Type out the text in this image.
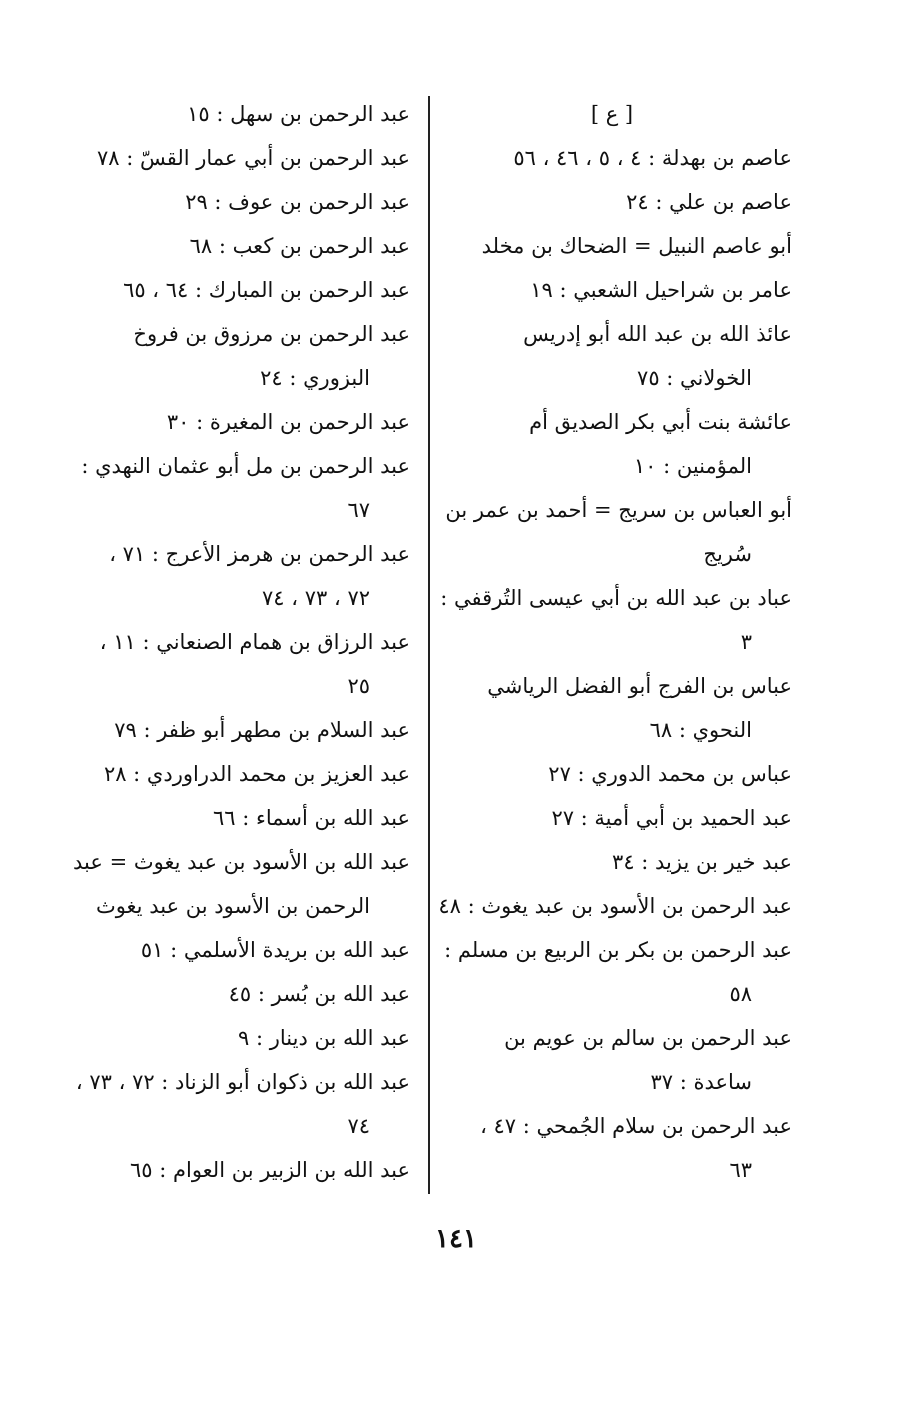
[ ع ]

عاصم بن بهدلة : ٤ ، ٥ ، ٤٦ ، ٥٦

عاصم بن علي : ٢٤

أبو عاصم النبيل = الضحاك بن مخلد

عامر بن شراحيل الشعبي : ١٩

عائذ الله بن عبد الله أبو إدريس

الخولاني : ٧٥

عائشة بنت أبي بكر الصديق أم

المؤمنين : ١٠

أبو العباس بن سريج = أحمد بن عمر بن

سُريج

عباد بن عبد الله بن أبي عيسى التُرقفي :

٣

عباس بن الفرج أبو الفضل الرياشي

النحوي : ٦٨

عباس بن محمد الدوري : ٢٧

عبد الحميد بن أبي أمية : ٢٧

عبد خير بن يزيد : ٣٤

عبد الرحمن بن الأسود بن عبد يغوث : ٤٨

عبد الرحمن بن بكر بن الربيع بن مسلم :

٥٨

عبد الرحمن بن سالم بن عويم بن

ساعدة : ٣٧

عبد الرحمن بن سلام الجُمحي : ٤٧ ،

٦٣

عبد الرحمن بن سهل : ١٥

عبد الرحمن بن أبي عمار القسّ : ٧٨

عبد الرحمن بن عوف : ٢٩

عبد الرحمن بن كعب : ٦٨

عبد الرحمن بن المبارك : ٦٤ ، ٦٥

عبد الرحمن بن مرزوق بن فروخ

البزوري : ٢٤

عبد الرحمن بن المغيرة : ٣٠

عبد الرحمن بن مل أبو عثمان النهدي :

٦٧

عبد الرحمن بن هرمز الأعرج : ٧١ ،

٧٢ ، ٧٣ ، ٧٤

عبد الرزاق بن همام الصنعاني : ١١ ،

٢٥

عبد السلام بن مطهر أبو ظفر : ٧٩

عبد العزيز بن محمد الدراوردي : ٢٨

عبد الله بن أسماء : ٦٦

عبد الله بن الأسود بن عبد يغوث = عبد

الرحمن بن الأسود بن عبد يغوث

عبد الله بن بريدة الأسلمي : ٥١

عبد الله بن بُسر : ٤٥

عبد الله بن دينار : ٩

عبد الله بن ذكوان أبو الزناد : ٧٢ ، ٧٣ ،

٧٤

عبد الله بن الزبير بن العوام : ٦٥

١٤١
